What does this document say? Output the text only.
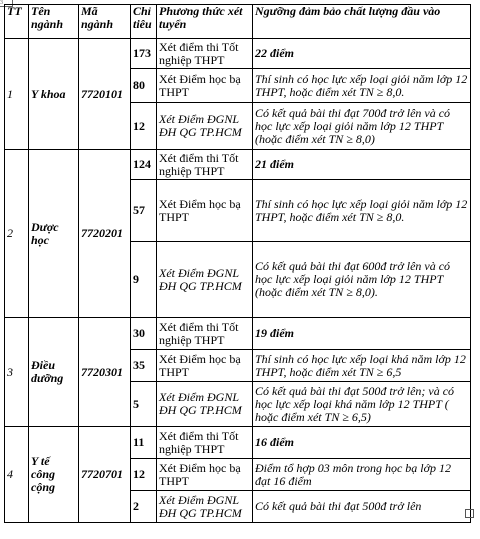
3
TT	Tên ngành	Mã ngành	Chỉ tiêu	Phương thức xét tuyển	Ngưỡng đảm bảo chất lượng đầu vào
1	Y khoa	7720101	173	Xét điểm thi Tốt nghiệp THPT	22 điểm
			80	Xét Điểm học bạ THPT	Thí sinh có học lực xếp loại giỏi năm lớp 12 THPT, hoặc điểm xét TN ≥ 8,0.
			12	Xét Điểm ĐGNL ĐH QG TP.HCM	Có kết quả bài thi đạt 700đ trở lên và có học lực xếp loại giỏi năm lớp 12 THPT (hoặc điểm xét TN ≥ 8,0)
2	Dược học	7720201	124	Xét điểm thi Tốt nghiệp THPT	21 điểm
			57	Xét Điểm học bạ THPT	Thí sinh có học lực xếp loại giỏi năm lớp 12 THPT, hoặc điểm xét TN ≥ 8,0.
			9	Xét Điểm ĐGNL ĐH QG TP.HCM	Có kết quả bài thi đạt 600đ trở lên và có học lực xếp loại giỏi năm lớp 12 THPT (hoặc điểm xét TN ≥ 8,0).
3	Điều dưỡng	7720301	30	Xét điểm thi Tốt nghiệp THPT	19 điểm
			35	Xét Điểm học bạ THPT	Thí sinh có học lực xếp loại khá năm lớp 12 THPT, hoặc điểm xét TN ≥ 6,5
			5	Xét Điểm ĐGNL ĐH QG TP.HCM	Có kết quả bài thi đạt 500đ trở lên; và có học lực xếp loại khá năm lớp 12 THPT ( hoặc điểm xét TN ≥ 6,5)
4	Y tế công cộng	7720701	11	Xét điểm thi Tốt nghiệp THPT	16 điểm
			12	Xét Điểm học bạ THPT	Điểm tổ hợp 03 môn trong học bạ lớp 12 đạt 16 điểm
			2	Xét Điểm ĐGNL ĐH QG TP.HCM	Có kết quả bài thi đạt 500đ trở lên
